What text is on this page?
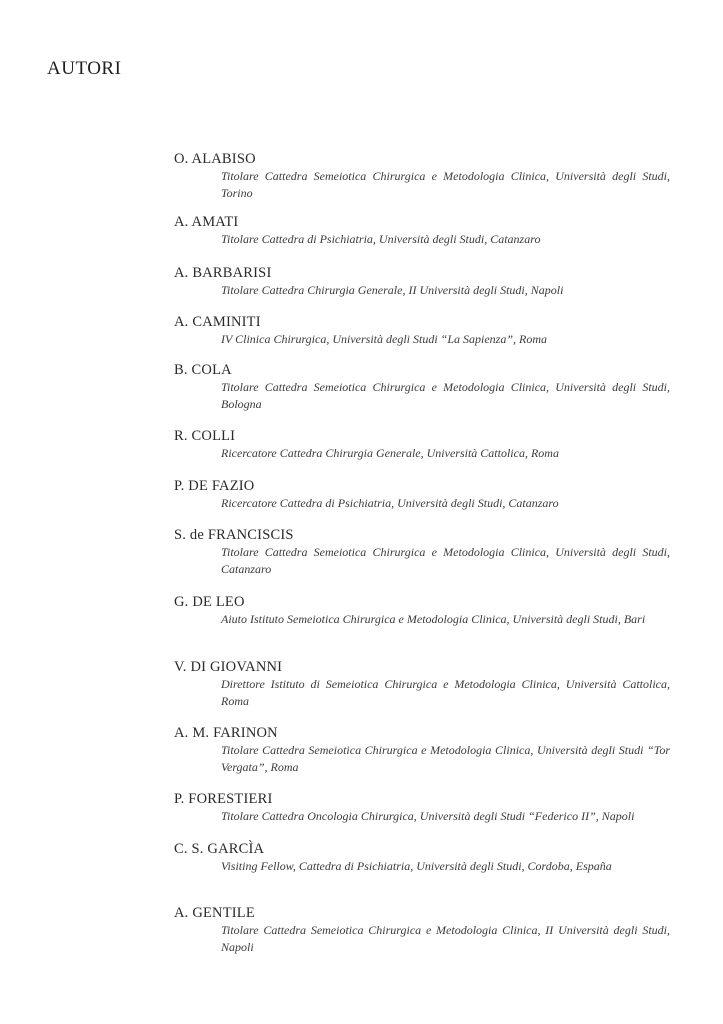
AUTORI
O. ALABISO
Titolare Cattedra Semeiotica Chirurgica e Metodologia Clinica, Università degli Studi, Torino
A. AMATI
Titolare Cattedra di Psichiatria, Università degli Studi, Catanzaro
A. BARBARISI
Titolare Cattedra Chirurgia Generale, II Università degli Studi, Napoli
A. CAMINITI
IV Clinica Chirurgica, Università degli Studi “La Sapienza”, Roma
B. COLA
Titolare Cattedra Semeiotica Chirurgica e Metodologia Clinica, Università degli Studi, Bologna
R. COLLI
Ricercatore Cattedra Chirurgia Generale, Università Cattolica, Roma
P. DE FAZIO
Ricercatore Cattedra di Psichiatria, Università degli Studi, Catanzaro
S. de FRANCISCIS
Titolare Cattedra Semeiotica Chirurgica e Metodologia Clinica, Università degli Studi, Catanzaro
G. DE LEO
Aiuto Istituto Semeiotica Chirurgica e Metodologia Clinica, Università degli Studi, Bari
V. DI GIOVANNI
Direttore Istituto di Semeiotica Chirurgica e Metodologia Clinica, Università Cattolica, Roma
A. M. FARINON
Titolare Cattedra Semeiotica Chirurgica e Metodologia Clinica, Università degli Studi “Tor Vergata”, Roma
P. FORESTIERI
Titolare Cattedra Oncologia Chirurgica, Università degli Studi “Federico II”, Napoli
C. S. GARCÌA
Visiting Fellow, Cattedra di Psichiatria, Università degli Studi, Cordoba, España
A. GENTILE
Titolare Cattedra Semeiotica Chirurgica e Metodologia Clinica, II Università degli Studi, Napoli
